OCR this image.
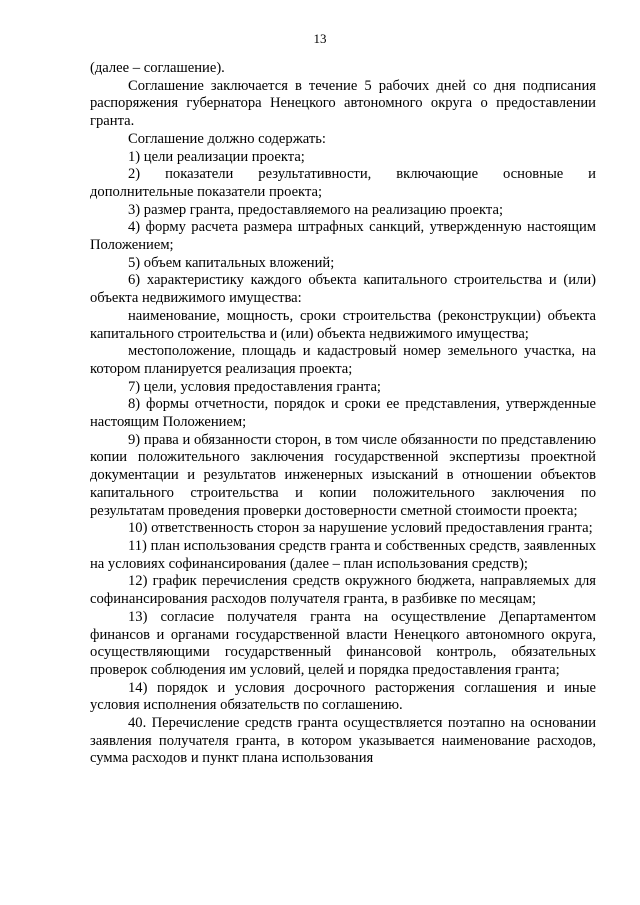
13

(далее – соглашение).

Соглашение заключается в течение 5 рабочих дней со дня подписания распоряжения губернатора Ненецкого автономного округа о предоставлении гранта.

Соглашение должно содержать:

1) цели реализации проекта;

2) показатели результативности, включающие основные и дополнительные показатели проекта;

3) размер гранта, предоставляемого на реализацию проекта;

4) форму расчета размера штрафных санкций, утвержденную настоящим Положением;

5) объем капитальных вложений;

6) характеристику каждого объекта капитального строительства и (или) объекта недвижимого имущества:

наименование, мощность, сроки строительства (реконструкции) объекта капитального строительства и (или) объекта недвижимого имущества;

местоположение, площадь и кадастровый номер земельного участка, на котором планируется реализация проекта;

7) цели, условия предоставления гранта;

8) формы отчетности, порядок и сроки ее представления, утвержденные настоящим Положением;

9) права и обязанности сторон, в том числе обязанности по представлению копии положительного заключения государственной экспертизы проектной документации и результатов инженерных изысканий в отношении объектов капитального строительства и копии положительного заключения по результатам проведения проверки достоверности сметной стоимости проекта;

10) ответственность сторон за нарушение условий предоставления гранта;

11) план использования средств гранта и собственных средств, заявленных на условиях софинансирования (далее – план использования средств);

12) график перечисления средств окружного бюджета, направляемых для софинансирования расходов получателя гранта, в разбивке по месяцам;

13) согласие получателя гранта на осуществление Департаментом финансов и органами государственной власти Ненецкого автономного округа, осуществляющими государственный финансовой контроль, обязательных проверок соблюдения им условий, целей и порядка предоставления гранта;

14) порядок и условия досрочного расторжения соглашения и иные условия исполнения обязательств по соглашению.

40. Перечисление средств гранта осуществляется поэтапно на основании заявления получателя гранта, в котором указывается наименование расходов, сумма расходов и пункт плана использования
